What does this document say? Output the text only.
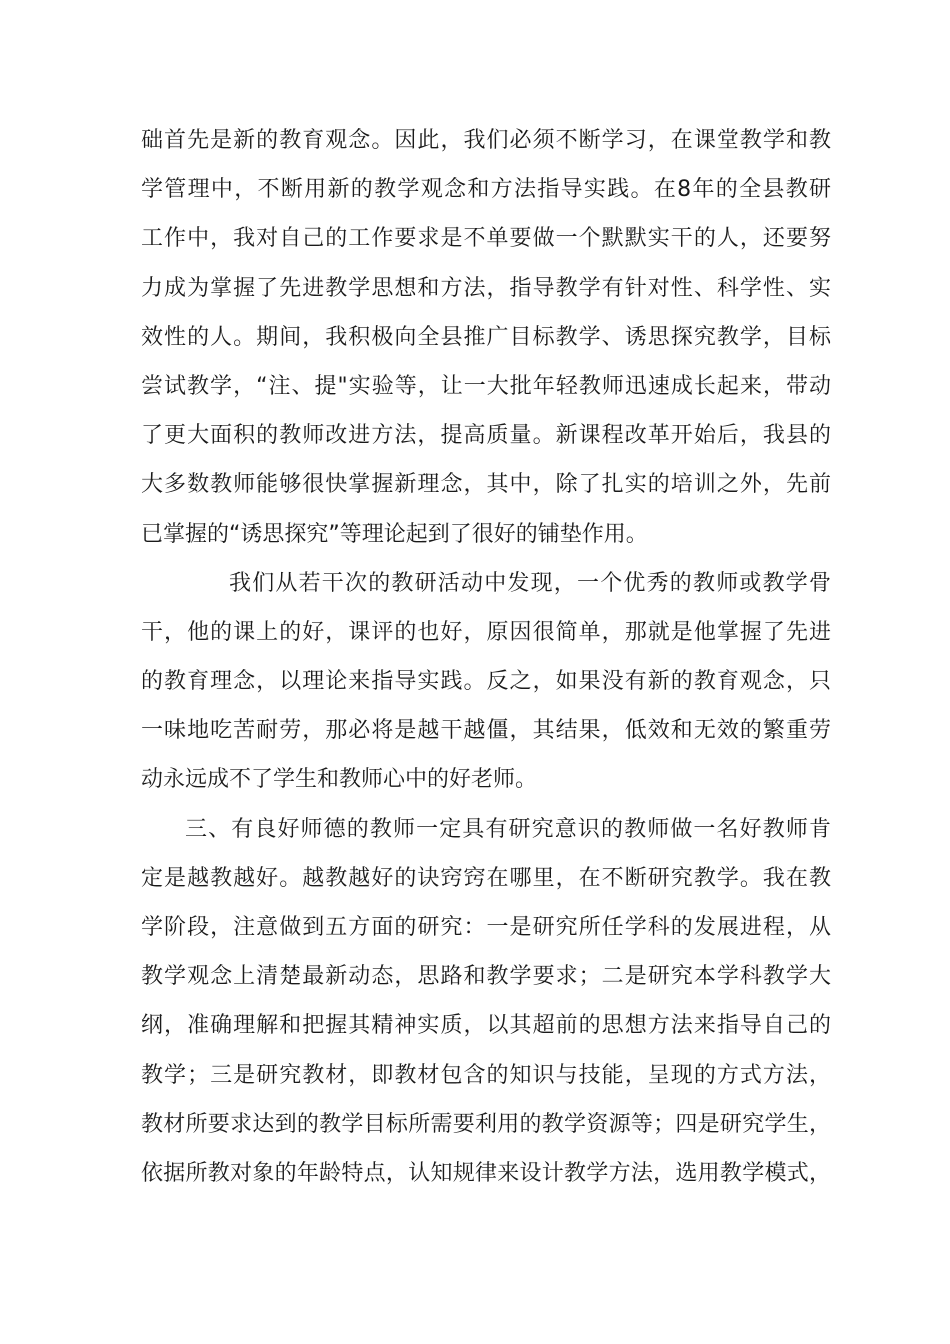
础首先是新的教育观念。因此，我们必须不断学习，在课堂教学和教
学管理中，不断用新的教学观念和方法指导实践。在8年的全县教研
工作中，我对自己的工作要求是不单要做一个默默实干的人，还要努
力成为掌握了先进教学思想和方法，指导教学有针对性、科学性、实
效性的人。期间，我积极向全县推广目标教学、诱思探究教学，目标
尝试教学，“注、提"实验等，让一大批年轻教师迅速成长起来，带动
了更大面积的教师改进方法，提高质量。新课程改革开始后，我县的
大多数教师能够很快掌握新理念，其中，除了扎实的培训之外，先前
已掌握的“诱思探究”等理论起到了很好的铺垫作用。
我们从若干次的教研活动中发现，一个优秀的教师或教学骨
干，他的课上的好，课评的也好，原因很简单，那就是他掌握了先进
的教育理念，以理论来指导实践。反之，如果没有新的教育观念，只
一味地吃苦耐劳，那必将是越干越僵，其结果，低效和无效的繁重劳
动永远成不了学生和教师心中的好老师。
三、有良好师德的教师一定具有研究意识的教师做一名好教师肯
定是越教越好。越教越好的诀窍窍在哪里，在不断研究教学。我在教
学阶段，注意做到五方面的研究：一是研究所任学科的发展进程，从
教学观念上清楚最新动态，思路和教学要求；二是研究本学科教学大
纲，准确理解和把握其精神实质，以其超前的思想方法来指导自己的
教学；三是研究教材，即教材包含的知识与技能，呈现的方式方法，
教材所要求达到的教学目标所需要利用的教学资源等；四是研究学生，
依据所教对象的年龄特点，认知规律来设计教学方法，选用教学模式，
